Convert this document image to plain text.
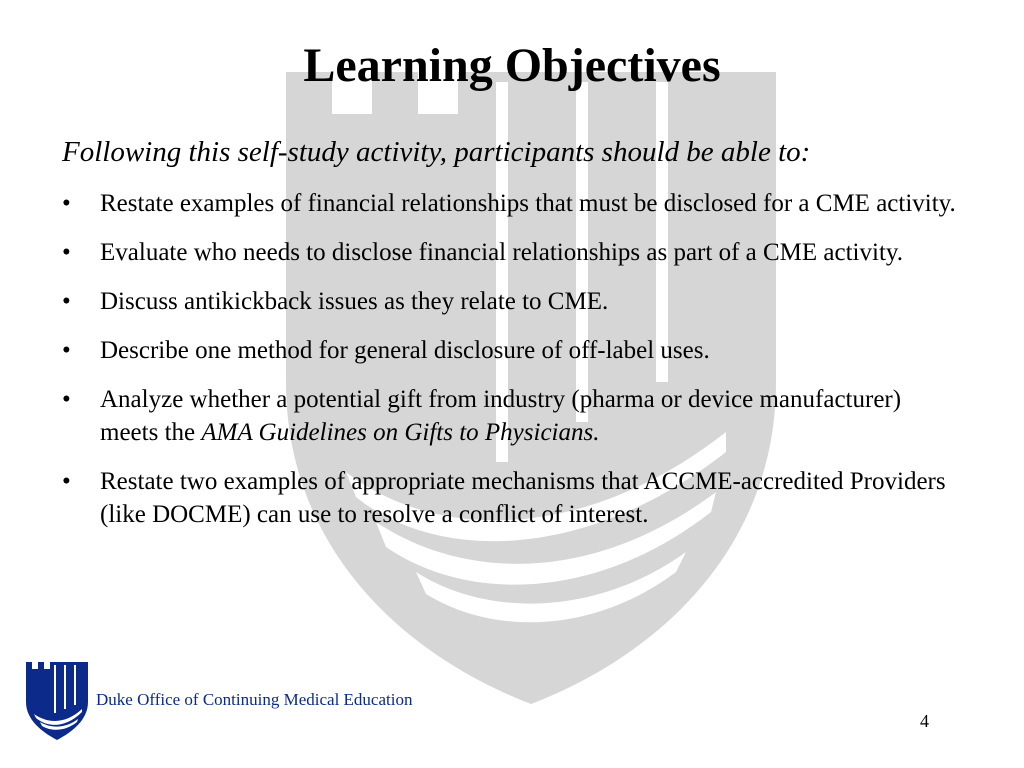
Learning Objectives

Following this self-study activity, participants should be able to:

• Restate examples of financial relationships that must be disclosed for a CME activity.
• Evaluate who needs to disclose financial relationships as part of a CME activity.
• Discuss antikickback issues as they relate to CME.
• Describe one method for general disclosure of off-label uses.
• Analyze whether a potential gift from industry (pharma or device manufacturer) meets the AMA Guidelines on Gifts to Physicians.
• Restate two examples of appropriate mechanisms that ACCME-accredited Providers (like DOCME) can use to resolve a conflict of interest.
Duke Office of Continuing Medical Education
4
